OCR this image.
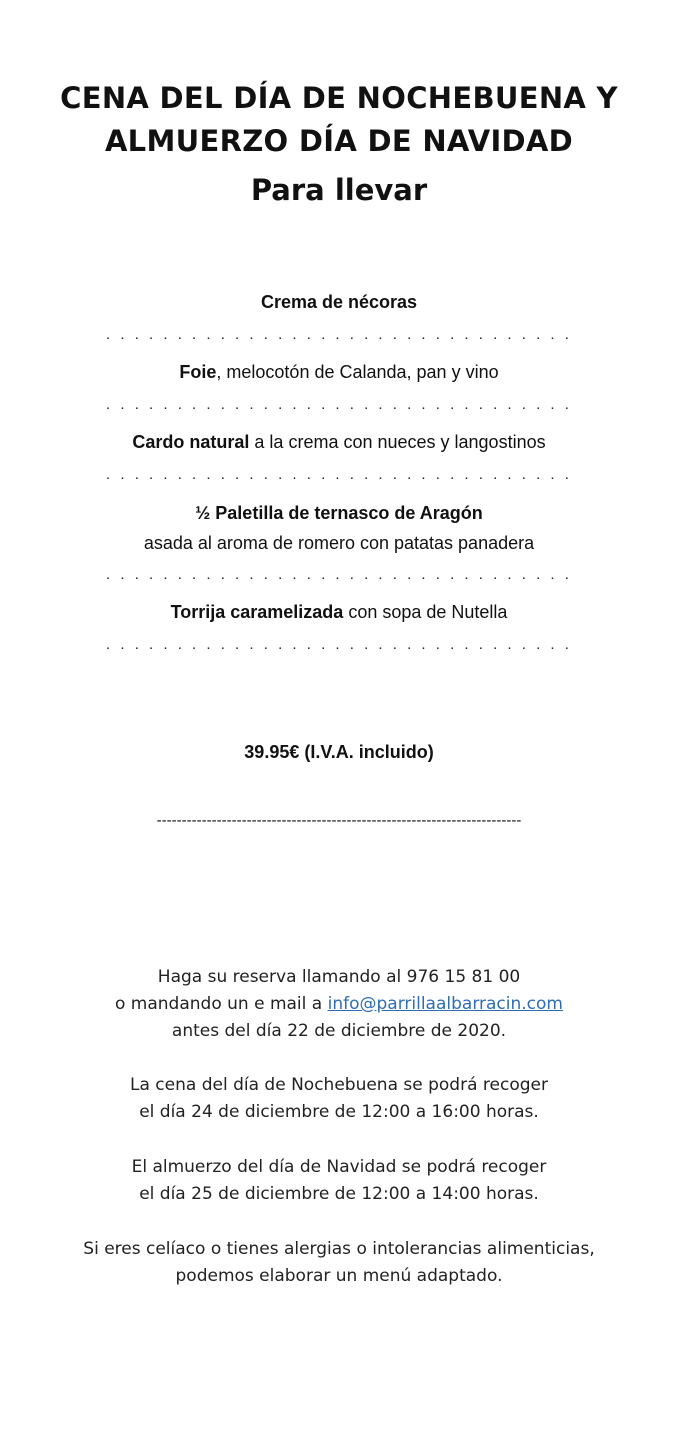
CENA DEL DÍA DE NOCHEBUENA Y
ALMUERZO DÍA DE NAVIDAD
Para llevar
Crema de nécoras
. . . . . . . . . . . . . . . . . . . . . . . . . . . . . . . . .
Foie, melocotón de Calanda, pan y vino
. . . . . . . . . . . . . . . . . . . . . . . . . . . . . . . . .
Cardo natural a la crema con nueces y langostinos
. . . . . . . . . . . . . . . . . . . . . . . . . . . . . . . . .
½ Paletilla de ternasco de Aragón
asada al aroma de romero con patatas panadera
. . . . . . . . . . . . . . . . . . . . . . . . . . . . . . . . .
Torrija caramelizada con sopa de Nutella
. . . . . . . . . . . . . . . . . . . . . . . . . . . . . . . . .
39.95€ (I.V.A. incluido)
-------------------------------------------------------------------------
Haga su reserva llamando al 976 15 81 00
o mandando un e mail a info@parrillaalbarracin.com
antes del día 22 de diciembre de 2020.
La cena del día de Nochebuena se podrá recoger
el día 24 de diciembre de 12:00 a 16:00 horas.
El almuerzo del día de Navidad se podrá recoger
el día 25 de diciembre de 12:00 a 14:00 horas.
Si eres celíaco o tienes alergias o intolerancias alimenticias,
podemos elaborar un menú adaptado.
